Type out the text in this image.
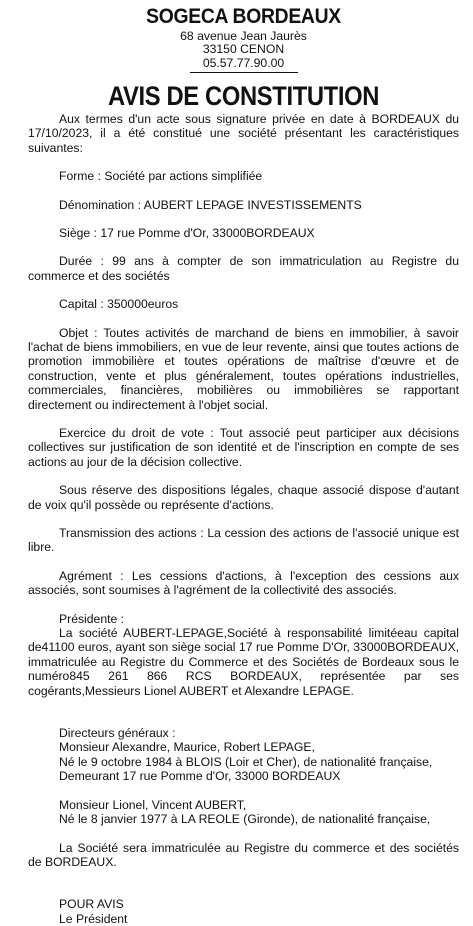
SOGECA BORDEAUX
68 avenue Jean Jaurès
33150 CENON
05.57.77.90.00
AVIS DE CONSTITUTION

Aux termes d'un acte sous signature privée en date à BORDEAUX du 17/10/2023, il a été constitué une société présentant les caractéristiques suivantes:

Forme : Société par actions simplifiée

Dénomination : AUBERT LEPAGE INVESTISSEMENTS

Siège : 17 rue Pomme d'Or, 33000BORDEAUX

Durée : 99 ans à compter de son immatriculation au Registre du commerce et des sociétés

Capital : 350000euros

Objet : Toutes activités de marchand de biens en immobilier, à savoir l'achat de biens immobiliers, en vue de leur revente, ainsi que toutes actions de promotion immobilière et toutes opérations de maîtrise d'œuvre et de construction, vente et plus généralement, toutes opérations industrielles, commerciales, financières, mobilières ou immobilières se rapportant directement ou indirectement à l'objet social.

Exercice du droit de vote : Tout associé peut participer aux décisions collectives sur justification de son identité et de l'inscription en compte de ses actions au jour de la décision collective.

Sous réserve des dispositions légales, chaque associé dispose d'autant de voix qu'il possède ou représente d'actions.

Transmission des actions : La cession des actions de l'associé unique est libre.

Agrément : Les cessions d'actions, à l'exception des cessions aux associés, sont soumises à l'agrément de la collectivité des associés.

Présidente :

La société AUBERT-LEPAGE,Société à responsabilité limitéeau capital de41100 euros, ayant son siège social 17 rue Pomme D'Or, 33000BORDEAUX, immatriculée au Registre du Commerce et des Sociétés de Bordeaux sous le numéro845 261 866 RCS BORDEAUX, représentée par ses cogérants,Messieurs Lionel AUBERT et Alexandre LEPAGE.

Directeurs généraux :

Monsieur Alexandre, Maurice, Robert LEPAGE,

Né le 9 octobre 1984 à BLOIS (Loir et Cher), de nationalité française,

Demeurant 17 rue Pomme d'Or, 33000 BORDEAUX

Monsieur Lionel, Vincent AUBERT,

Né le 8 janvier 1977 à LA REOLE (Gironde), de nationalité française,

La Société sera immatriculée au Registre du commerce et des sociétés de BORDEAUX.

POUR AVIS

Le Président
